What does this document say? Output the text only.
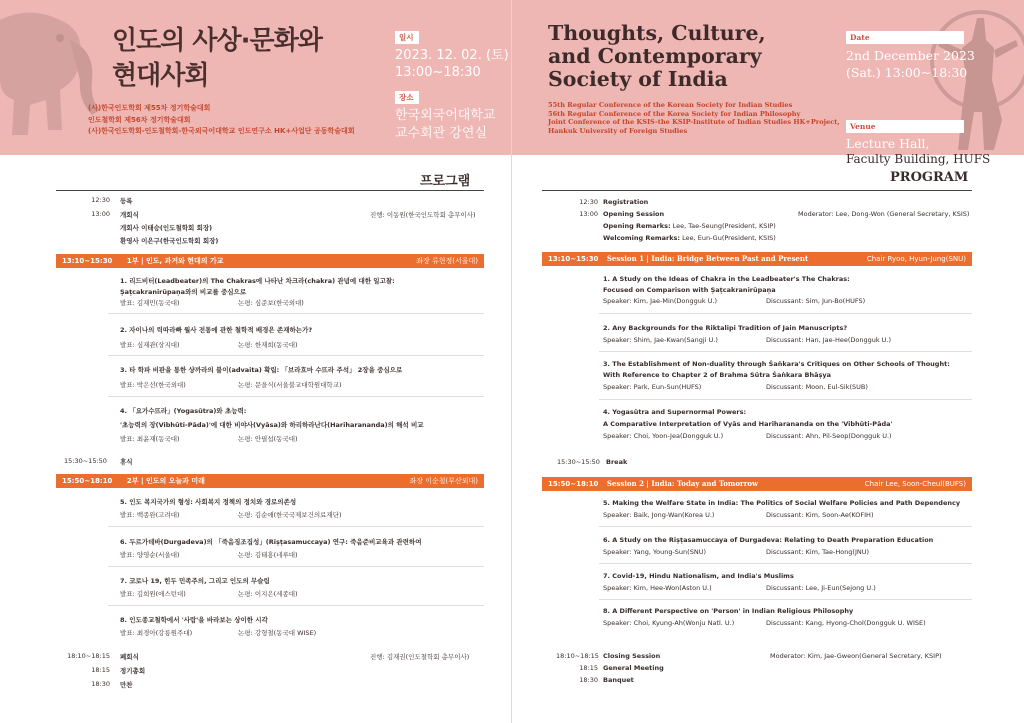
인도의 사상·문화와
현대사회
(사)한국인도학회 제55차 정기학술대회
인도철학회 제56차 정기학술대회
(사)한국인도학회-인도철학회-한국외국어대학교 인도연구소 HK+사업단 공동학술대회
일시
2023. 12. 02. (토)
13:00~18:30
장소
한국외국어대학교
교수회관 강연실
프로그램
12:30 등록
13:00 개회식	진행: 이동원(한국인도학회 총무이사)
개회사 이태승(인도철학회 회장)
환영사 이은구(한국인도학회 회장)
13:10~15:30 1부 | 인도, 과거와 현대의 가교	좌장 류현정(서울대)
1. 리드비터(Leadbeater)의 The Chakras에 나타난 차크라(chakra) 관념에 대한 일고찰:
Ṣaṭcakranirūpaṇa와의 비교를 중심으로
발표: 김재민(동국대)	논평: 심준보(한국외대)
2. 자이나의 릭따라빠 월사 전통에 관한 철학적 배경은 존재하는가?
발표: 심재관(상지대)	논평: 한재희(동국대)
3. 타 학파 비판을 통한 샹까라의 불이(advaita) 확립: 「브라흐마 수뜨라 주석」 2장을 중심으로
발표: 박은선(한국외대)	논평: 문을식(서울불교대학원대학교)
4. 「요가수뜨라」(Yogasūtra)와 초능력:
'초능력의 장(Vibhūti-Pāda)'에 대한 비야사(Vyāsa)와 하리하라난다(Hariharananda)의 해석 비교
발표: 최윤재(동국대)	논평: 안필섭(동국대)
15:30~15:50 휴식
15:50~18:10 2부 | 인도의 오늘과 미래	좌장 이순철(부산외대)
5. 인도 복지국가의 형성: 사회복지 정책의 정치와 경로의존성
발표: 백종완(고려대)	논평: 김순애(한국국제보건의료재단)
6. 두르가데바(Durgadeva)의 「죽음징조집성」(Riṣṭasamuccaya) 연구: 죽음준비교육과 관련하여
발표: 양영순(서울대)	논평: 김태홍(네루대)
7. 코로나 19, 힌두 민족주의, 그리고 인도의 무슬림
발표: 김희원(애스턴대)	논평: 이지은(세종대)
8. 인도종교철학에서 '사람'을 바라보는 상이한 시각
발표: 최경아(강릉원주대)	논평: 강형철(동국대 WISE)
18:10~18:15 폐회식	진행: 김재권(인도철학회 총무이사)
18:15 정기총회
18:30 만찬
Thoughts, Culture,
and Contemporary
Society of India
55th Regular Conference of the Korean Society for Indian Studies
56th Regular Conference of the Korea Society for Indian Philosophy
Joint Conference of the KSIS-the KSIP-Institute of Indian Studies HK+Project,
Hankuk University of Foreign Studies
Date
2nd December 2023
(Sat.) 13:00~18:30
Venue
Lecture Hall,
Faculty Building, HUFS
PROGRAM
12:30 Registration
13:00 Opening Session	Moderator: Lee, Dong-Won (General Secretary, KSIS)
Opening Remarks: Lee, Tae-Seung(President, KSIP)
Welcoming Remarks: Lee, Eun-Gu(President, KSIS)
13:10~15:30 Session 1 | India: Bridge Between Past and Present	Chair Ryoo, Hyun-Jung(SNU)
1. A Study on the Ideas of Chakra in the Leadbeater's The Chakras:
Focused on Comparison with Ṣaṭcakranirūpaṇa
Speaker: Kim, Jae-Min(Dongguk U.)	Discussant: Sim, Jun-Bo(HUFS)
2. Any Backgrounds for the Riktalipi Tradition of Jain Manuscripts?
Speaker: Shim, Jae-Kwan(Sangji U.)	Discussant: Han, Jae-Hee(Dongguk U.)
3. The Establishment of Non-duality through Śaṅkara's Critiques on Other Schools of Thought:
With Reference to Chapter 2 of Brahma Sūtra Śaṅkara Bhāṣya
Speaker: Park, Eun-Sun(HUFS)	Discussant: Moon, Eul-Sik(SUB)
4. Yogasūtra and Supernormal Powers:
A Comparative Interpretation of Vyās and Hariharananda on the 'Vibhūti-Pāda'
Speaker: Choi, Yoon-Jea(Dongguk U.)	Discussant: Ahn, Pil-Seop(Dongguk U.)
15:30~15:50 Break
15:50~18:10 Session 2 | India: Today and Tomorrow	Chair Lee, Soon-Cheul(BUFS)
5. Making the Welfare State in India: The Politics of Social Welfare Policies and Path Dependency
Speaker: Baik, Jong-Wan(Korea U.)	Discussant: Kim, Soon-Ae(KOFIH)
6. A Study on the Riṣṭasamuccaya of Durgadeva: Relating to Death Preparation Education
Speaker: Yang, Young-Sun(SNU)	Discussant: Kim, Tae-Hong(JNU)
7. Covid-19, Hindu Nationalism, and India's Muslims
Speaker: Kim, Hee-Won(Aston U.)	Discussant: Lee, Ji-Eun(Sejong U.)
8. A Different Perspective on 'Person' in Indian Religious Philosophy
Speaker: Choi, Kyung-Ah(Wonju Natl. U.)	Discussant: Kang, Hyong-Chol(Dongguk U. WISE)
18:10~18:15 Closing Session	Moderator: Kim, Jae-Gweon(General Secretary, KSIP)
18:15 General Meeting
18:30 Banquet
